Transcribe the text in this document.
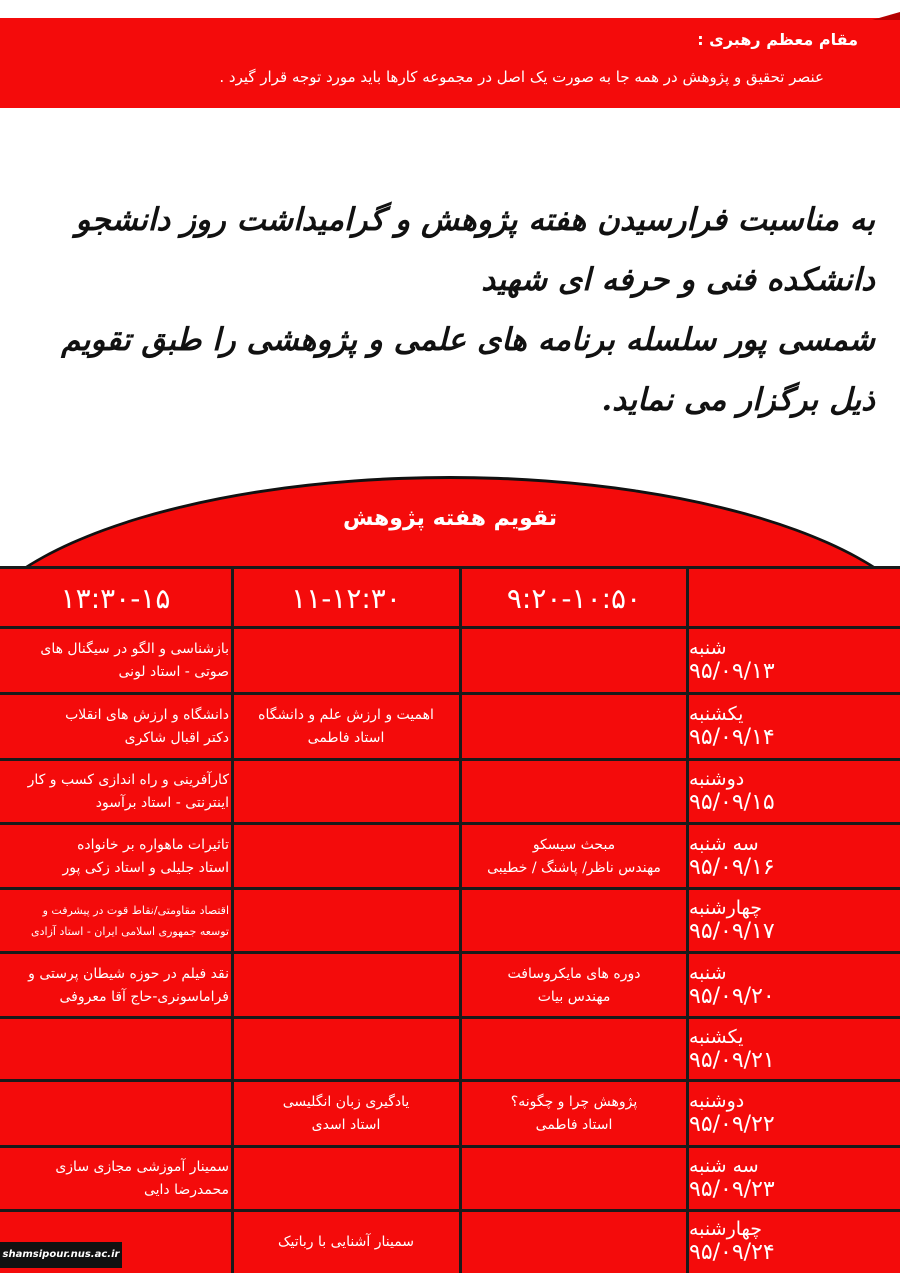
مقام معظم رهبری :
عنصر تحقیق و پژوهش در همه جا به صورت یک اصل در مجموعه کارها باید مورد توجه قرار گیرد .
به مناسبت فرارسیدن هفته پژوهش و گرامیداشت روز دانشجو دانشکده فنی و حرفه ای شهید
شمسی پور سلسله برنامه های علمی و پژوهشی را طبق تقویم ذیل برگزار می نماید.
تقویم هفته پژوهش
۹:۲۰-۱۰:۵۰
۱۱-۱۲:۳۰
۱۳:۳۰-۱۵
شنبه
۹۵/۰۹/۱۳
بازشناسی و الگو در سیگنال های
صوتی - استاد لونی
یکشنبه
۹۵/۰۹/۱۴
اهمیت و ارزش علم و دانشگاه
استاد فاطمی
دانشگاه و ارزش های انقلاب
دکتر اقبال شاکری
دوشنبه
۹۵/۰۹/۱۵
کارآفرینی و راه اندازی کسب و کار
اینترنتی - استاد برآسود
سه شنبه
۹۵/۰۹/۱۶
مبحث سیسکو
مهندس ناظر/ پاشنگ / خطیبی
تاثیرات ماهواره بر خانواده
استاد جلیلی و استاد زکی پور
چهارشنبه
۹۵/۰۹/۱۷
اقتصاد مقاومتی/نقاط قوت در پیشرفت و
توسعه جمهوری اسلامی ایران - استاد آزادی
شنبه
۹۵/۰۹/۲۰
دوره های مایکروسافت
مهندس بیات
نقد فیلم در حوزه شیطان پرستی و
فراماسونری-حاج آقا معروفی
یکشنبه
۹۵/۰۹/۲۱
دوشنبه
۹۵/۰۹/۲۲
پژوهش چرا و چگونه؟
استاد فاطمی
یادگیری زبان انگلیسی
استاد اسدی
سه شنبه
۹۵/۰۹/۲۳
سمینار آموزشی مجازی سازی
محمدرضا دایی
چهارشنبه
۹۵/۰۹/۲۴
سمینار آشنایی با رباتیک
shamsipour.nus.ac.ir
